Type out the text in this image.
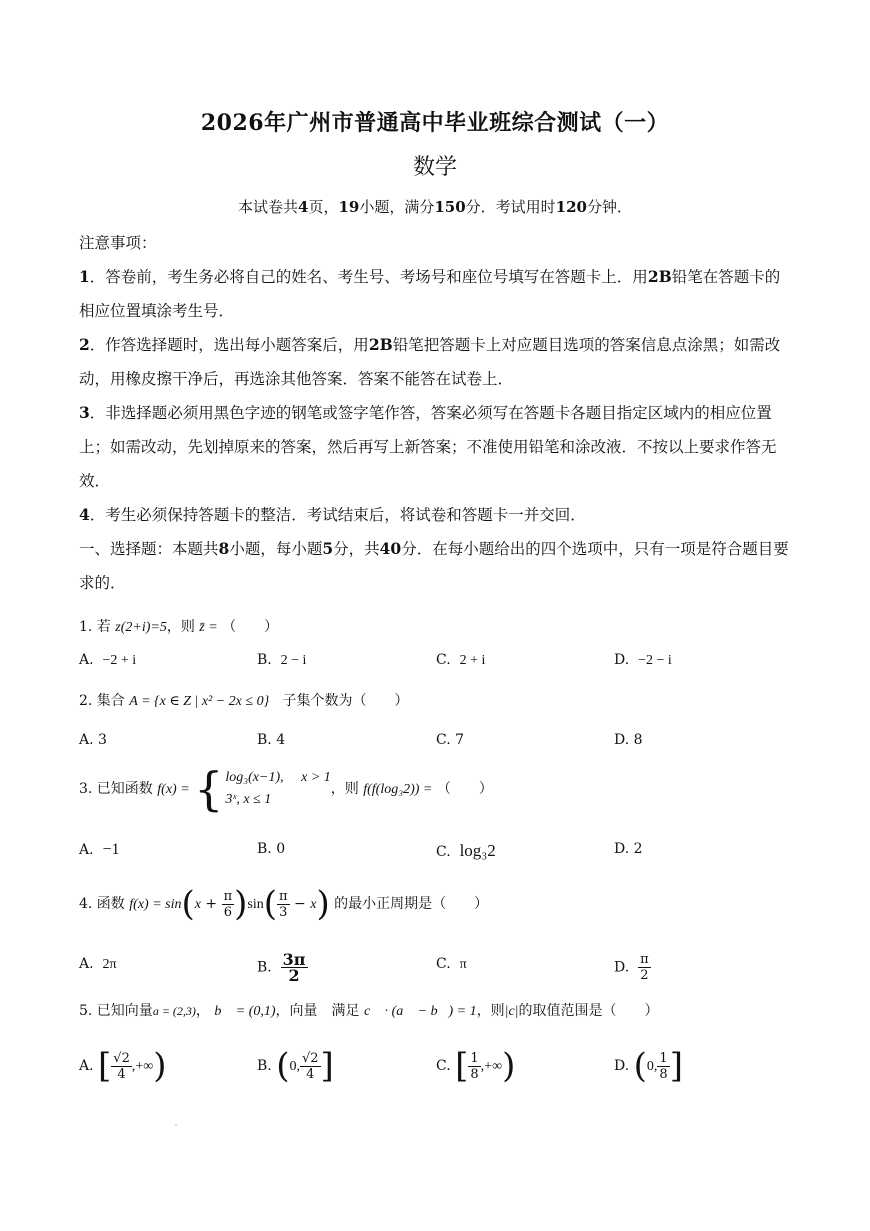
2026年广州市普通高中毕业班综合测试（一）
数学
本试卷共4页，19小题，满分150分．考试用时120分钟．
注意事项：
1．答卷前，考生务必将自己的姓名、考生号、考场号和座位号填写在答题卡上．用2B铅笔在答题卡的相应位置填涂考生号．
2．作答选择题时，选出每小题答案后，用2B铅笔把答题卡上对应题目选项的答案信息点涂黑；如需改动，用橡皮擦干净后，再选涂其他答案．答案不能答在试卷上．
3．非选择题必须用黑色字迹的钢笔或签字笔作答，答案必须写在答题卡各题目指定区域内的相应位置上；如需改动，先划掉原来的答案，然后再写上新答案；不准使用铅笔和涂改液．不按以上要求作答无效．
4．考生必须保持答题卡的整洁．考试结束后，将试卷和答题卡一并交回．
一、选择题：本题共8小题，每小题5分，共40分．在每小题给出的四个选项中，只有一项是符合题目要求的．
1. 若 z(2+i)=5，则 z̄ = （　　）
A. −2 + i	B. 2 − i	C. 2 + i	D. −2 − i
2. 集合 A = {x ∈ Z | x² − 2x ≤ 0} 子集个数为（　　）
A. 3	B. 4	C. 7	D. 8
3. 已知函数 f(x) = { log₃(x−1),　 x > 1
3ˣ, x ≤ 1
，则 f(f(log₃2)) = （　　）
A. −1	B. 0	C. log₃2	D. 2
4. 函数 $f(x) = \sin(x + \frac{\pi}{6} )\sin( \frac{\pi}{3} - x)$ 的最小正周期是（　　）
A. 2π	B. $\frac{3\pi}{2}$	C. π	D. $\frac{\pi}{2}$
5. 已知向量a = (2,3)， b⃗ = (0,1)，向量　满足 c⃗ · (a⃗ − b⃗) = 1，则|c|的取值范围是（　　）
A. [ $\frac{√2}{4}$ ,+∞)	B. (0, $\frac{√2}{4}$ ]	C. [ $\frac{1}{8}$ ,+∞)	D. (0, $\frac{1}{8}$ ]
